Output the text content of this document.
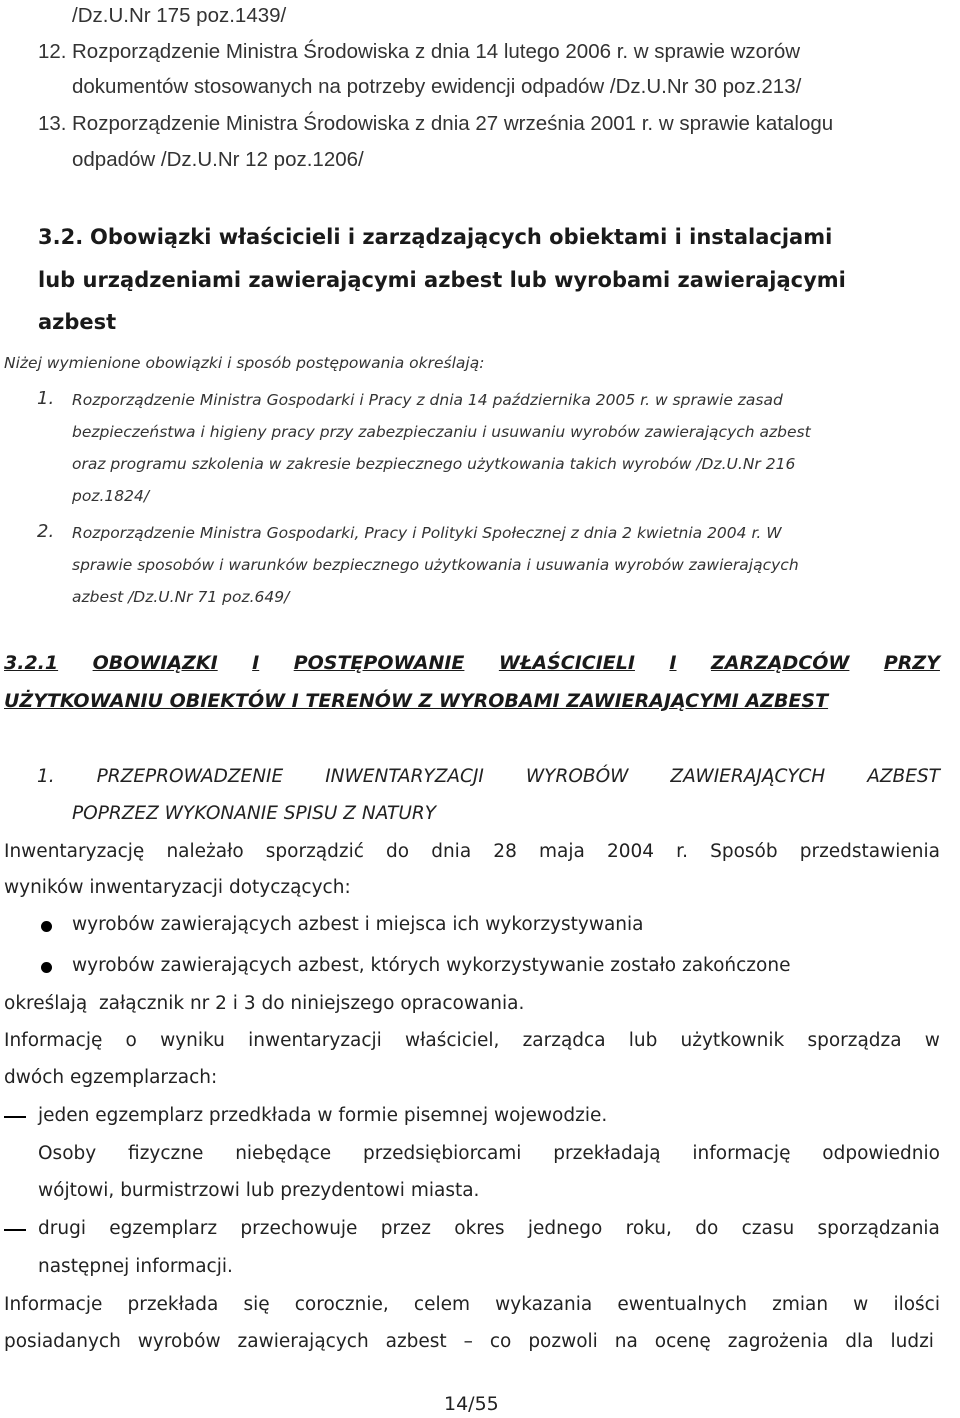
/Dz.U.Nr 175 poz.1439/
12. Rozporządzenie Ministra Środowiska z dnia 14 lutego 2006 r. w sprawie wzorów
dokumentów stosowanych na potrzeby ewidencji odpadów /Dz.U.Nr 30 poz.213/
13. Rozporządzenie Ministra Środowiska z dnia 27 września 2001 r. w sprawie katalogu
odpadów /Dz.U.Nr 12 poz.1206/
3.2. Obowiązki właścicieli i zarządzających obiektami i instalacjami
lub urządzeniami zawierającymi azbest lub wyrobami zawierającymi
azbest
Niżej wymienione obowiązki i sposób postępowania określają:
1. Rozporządzenie Ministra Gospodarki i Pracy z dnia 14 października 2005 r. w sprawie zasad
bezpieczeństwa i higieny pracy przy zabezpieczaniu i usuwaniu wyrobów zawierających azbest
oraz programu szkolenia w zakresie bezpiecznego użytkowania takich wyrobów /Dz.U.Nr 216
poz.1824/
2. Rozporządzenie Ministra Gospodarki, Pracy i Polityki Społecznej z dnia 2 kwietnia 2004 r. W
sprawie sposobów i warunków bezpiecznego użytkowania i usuwania wyrobów zawierających
azbest /Dz.U.Nr 71 poz.649/
3.2.1 OBOWIĄZKI I POSTĘPOWANIE WŁAŚCICIELI I ZARZĄDCÓW PRZY
UŻYTKOWANIU OBIEKTÓW I TERENÓW Z WYROBAMI ZAWIERAJĄCYMI AZBEST
1. PRZEPROWADZENIE INWENTARYZACJI WYROBÓW ZAWIERAJĄCYCH AZBEST
POPRZEZ WYKONANIE SPISU Z NATURY
Inwentaryzację należało sporządzić do dnia 28 maja 2004 r. Sposób przedstawienia
wyników inwentaryzacji dotyczących:
wyrobów zawierających azbest i miejsca ich wykorzystywania
wyrobów zawierających azbest, których wykorzystywanie zostało zakończone
określają  załącznik nr 2 i 3 do niniejszego opracowania.
Informację o wyniku inwentaryzacji właściciel, zarządca lub użytkownik sporządza w
dwóch egzemplarzach:
jeden egzemplarz przedkłada w formie pisemnej wojewodzie.
Osoby fizyczne niebędące przedsiębiorcami przekładają informację odpowiednio
wójtowi, burmistrzowi lub prezydentowi miasta.
drugi egzemplarz przechowuje przez okres jednego roku, do czasu sporządzania
następnej informacji.
Informacje przekłada się corocznie, celem wykazania ewentualnych zmian w ilości
posiadanych wyrobów zawierających azbest – co pozwoli na ocenę zagrożenia dla ludzi
14/55
